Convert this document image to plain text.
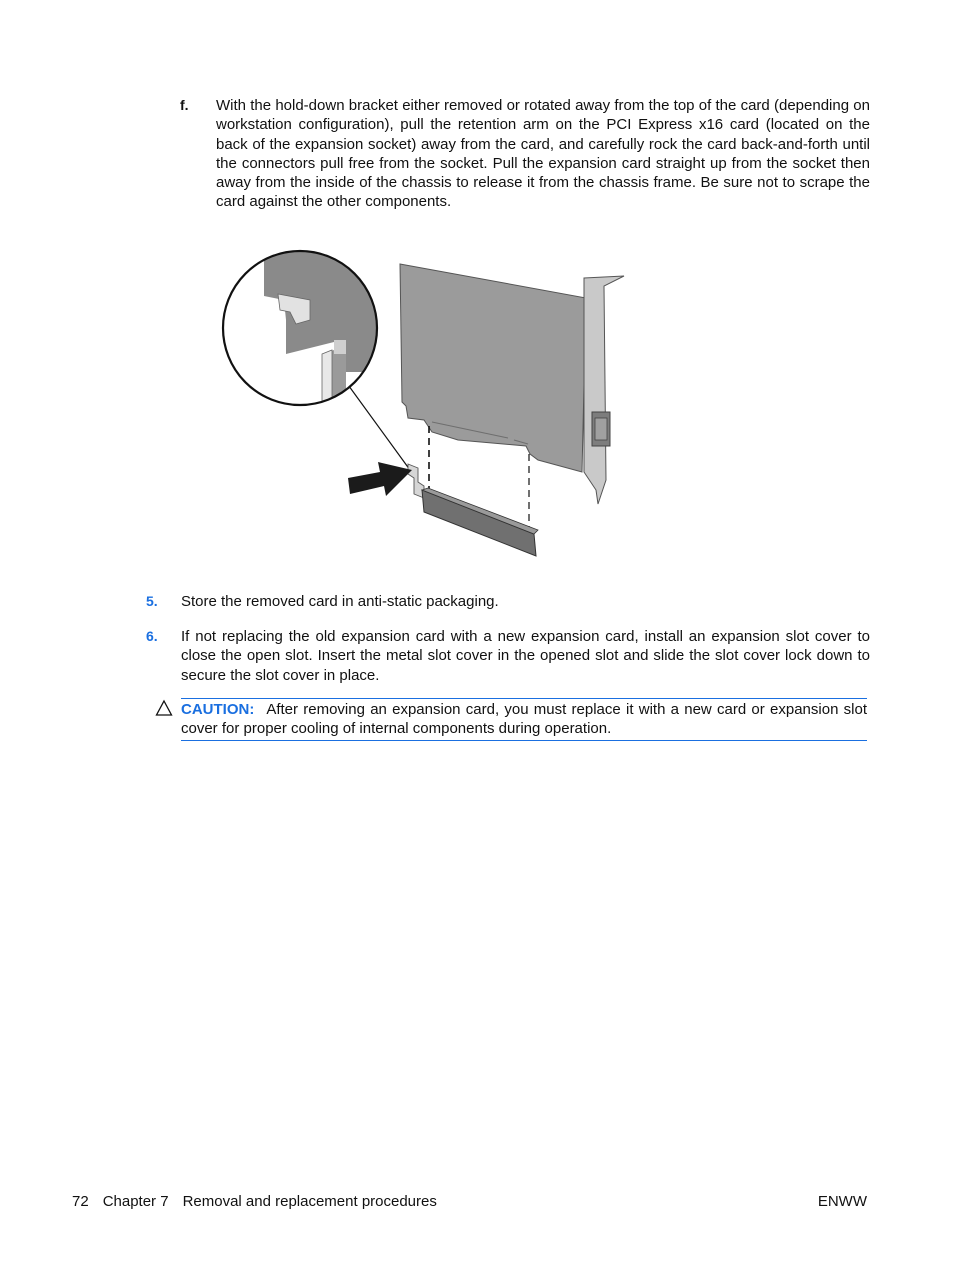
f. With the hold-down bracket either removed or rotated away from the top of the card (depending on workstation configuration), pull the retention arm on the PCI Express x16 card (located on the back of the expansion socket) away from the card, and carefully rock the card back-and-forth until the connectors pull free from the socket. Pull the expansion card straight up from the socket then away from the inside of the chassis to release it from the chassis frame. Be sure not to scrape the card against the other components.
5. Store the removed card in anti-static packaging.
6. If not replacing the old expansion card with a new expansion card, install an expansion slot cover to close the open slot. Insert the metal slot cover in the opened slot and slide the slot cover lock down to secure the slot cover in place.
CAUTION: After removing an expansion card, you must replace it with a new card or expansion slot cover for proper cooling of internal components during operation.
72 Chapter 7 Removal and replacement procedures	ENWW
